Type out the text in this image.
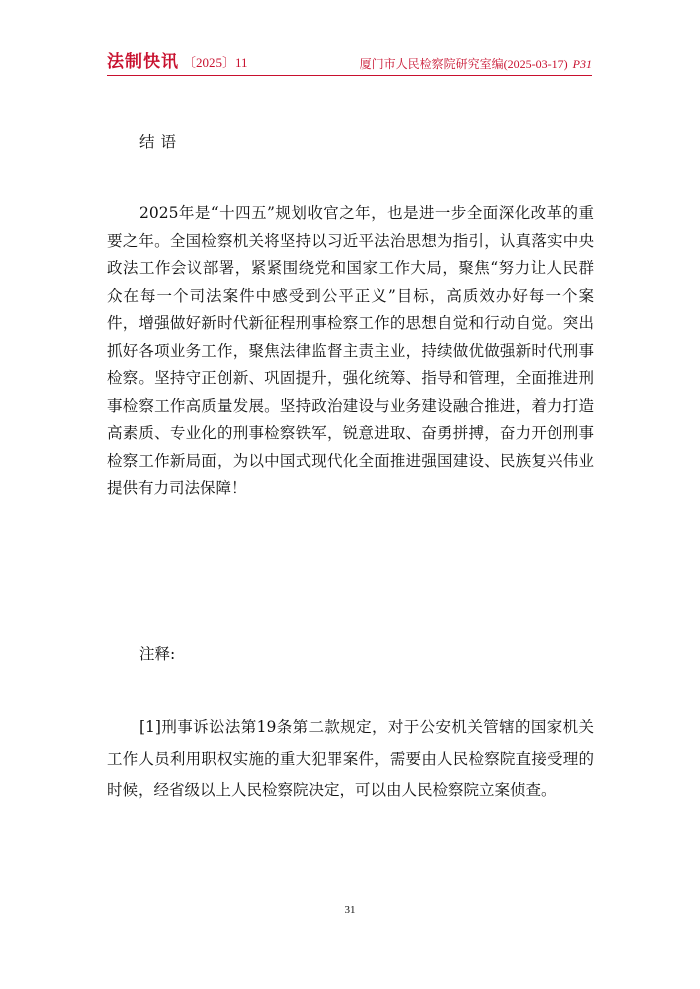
法制快讯 〔2025〕11	厦门市人民检察院研究室编(2025-03-17) P31
结语
2025年是“十四五”规划收官之年，也是进一步全面深化改革的重要之年。全国检察机关将坚持以习近平法治思想为指引，认真落实中央政法工作会议部署，紧紧围绕党和国家工作大局，聚焦“努力让人民群众在每一个司法案件中感受到公平正义”目标，高质效办好每一个案件，增强做好新时代新征程刑事检察工作的思想自觉和行动自觉。突出抓好各项业务工作，聚焦法律监督主责主业，持续做优做强新时代刑事检察。坚持守正创新、巩固提升，强化统筹、指导和管理，全面推进刑事检察工作高质量发展。坚持政治建设与业务建设融合推进，着力打造高素质、专业化的刑事检察铁军，锐意进取、奋勇拼搏，奋力开创刑事检察工作新局面，为以中国式现代化全面推进强国建设、民族复兴伟业提供有力司法保障！
注释:
[1]刑事诉讼法第19条第二款规定，对于公安机关管辖的国家机关工作人员利用职权实施的重大犯罪案件，需要由人民检察院直接受理的时候，经省级以上人民检察院决定，可以由人民检察院立案侦查。
31
